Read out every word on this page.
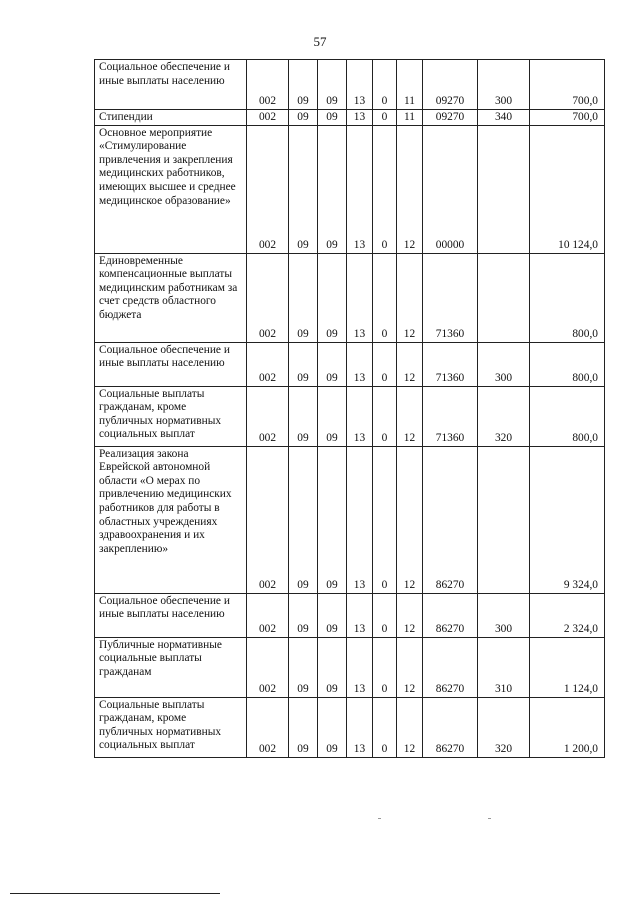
57
Социальное обеспечение и иные выплаты населению	002	09	09	13	0	11	09270	300	700,0
Стипендии	002	09	09	13	0	11	09270	340	700,0
Основное мероприятие «Стимулирование привлечения и закрепления медицинских работников, имеющих высшее и среднее медицинское образование»	002	09	09	13	0	12	00000		10 124,0
Единовременные компенсационные выплаты медицинским работникам за счет средств областного бюджета	002	09	09	13	0	12	71360		800,0
Социальное обеспечение и иные выплаты населению	002	09	09	13	0	12	71360	300	800,0
Социальные выплаты гражданам, кроме публичных нормативных социальных выплат	002	09	09	13	0	12	71360	320	800,0
Реализация закона Еврейской автономной области «О мерах по привлечению медицинских работников для работы в областных учреждениях здравоохранения и их закреплению»	002	09	09	13	0	12	86270		9 324,0
Социальное обеспечение и иные выплаты населению	002	09	09	13	0	12	86270	300	2 324,0
Публичные нормативные социальные выплаты гражданам	002	09	09	13	0	12	86270	310	1 124,0
Социальные выплаты гражданам, кроме публичных нормативных социальных выплат	002	09	09	13	0	12	86270	320	1 200,0
